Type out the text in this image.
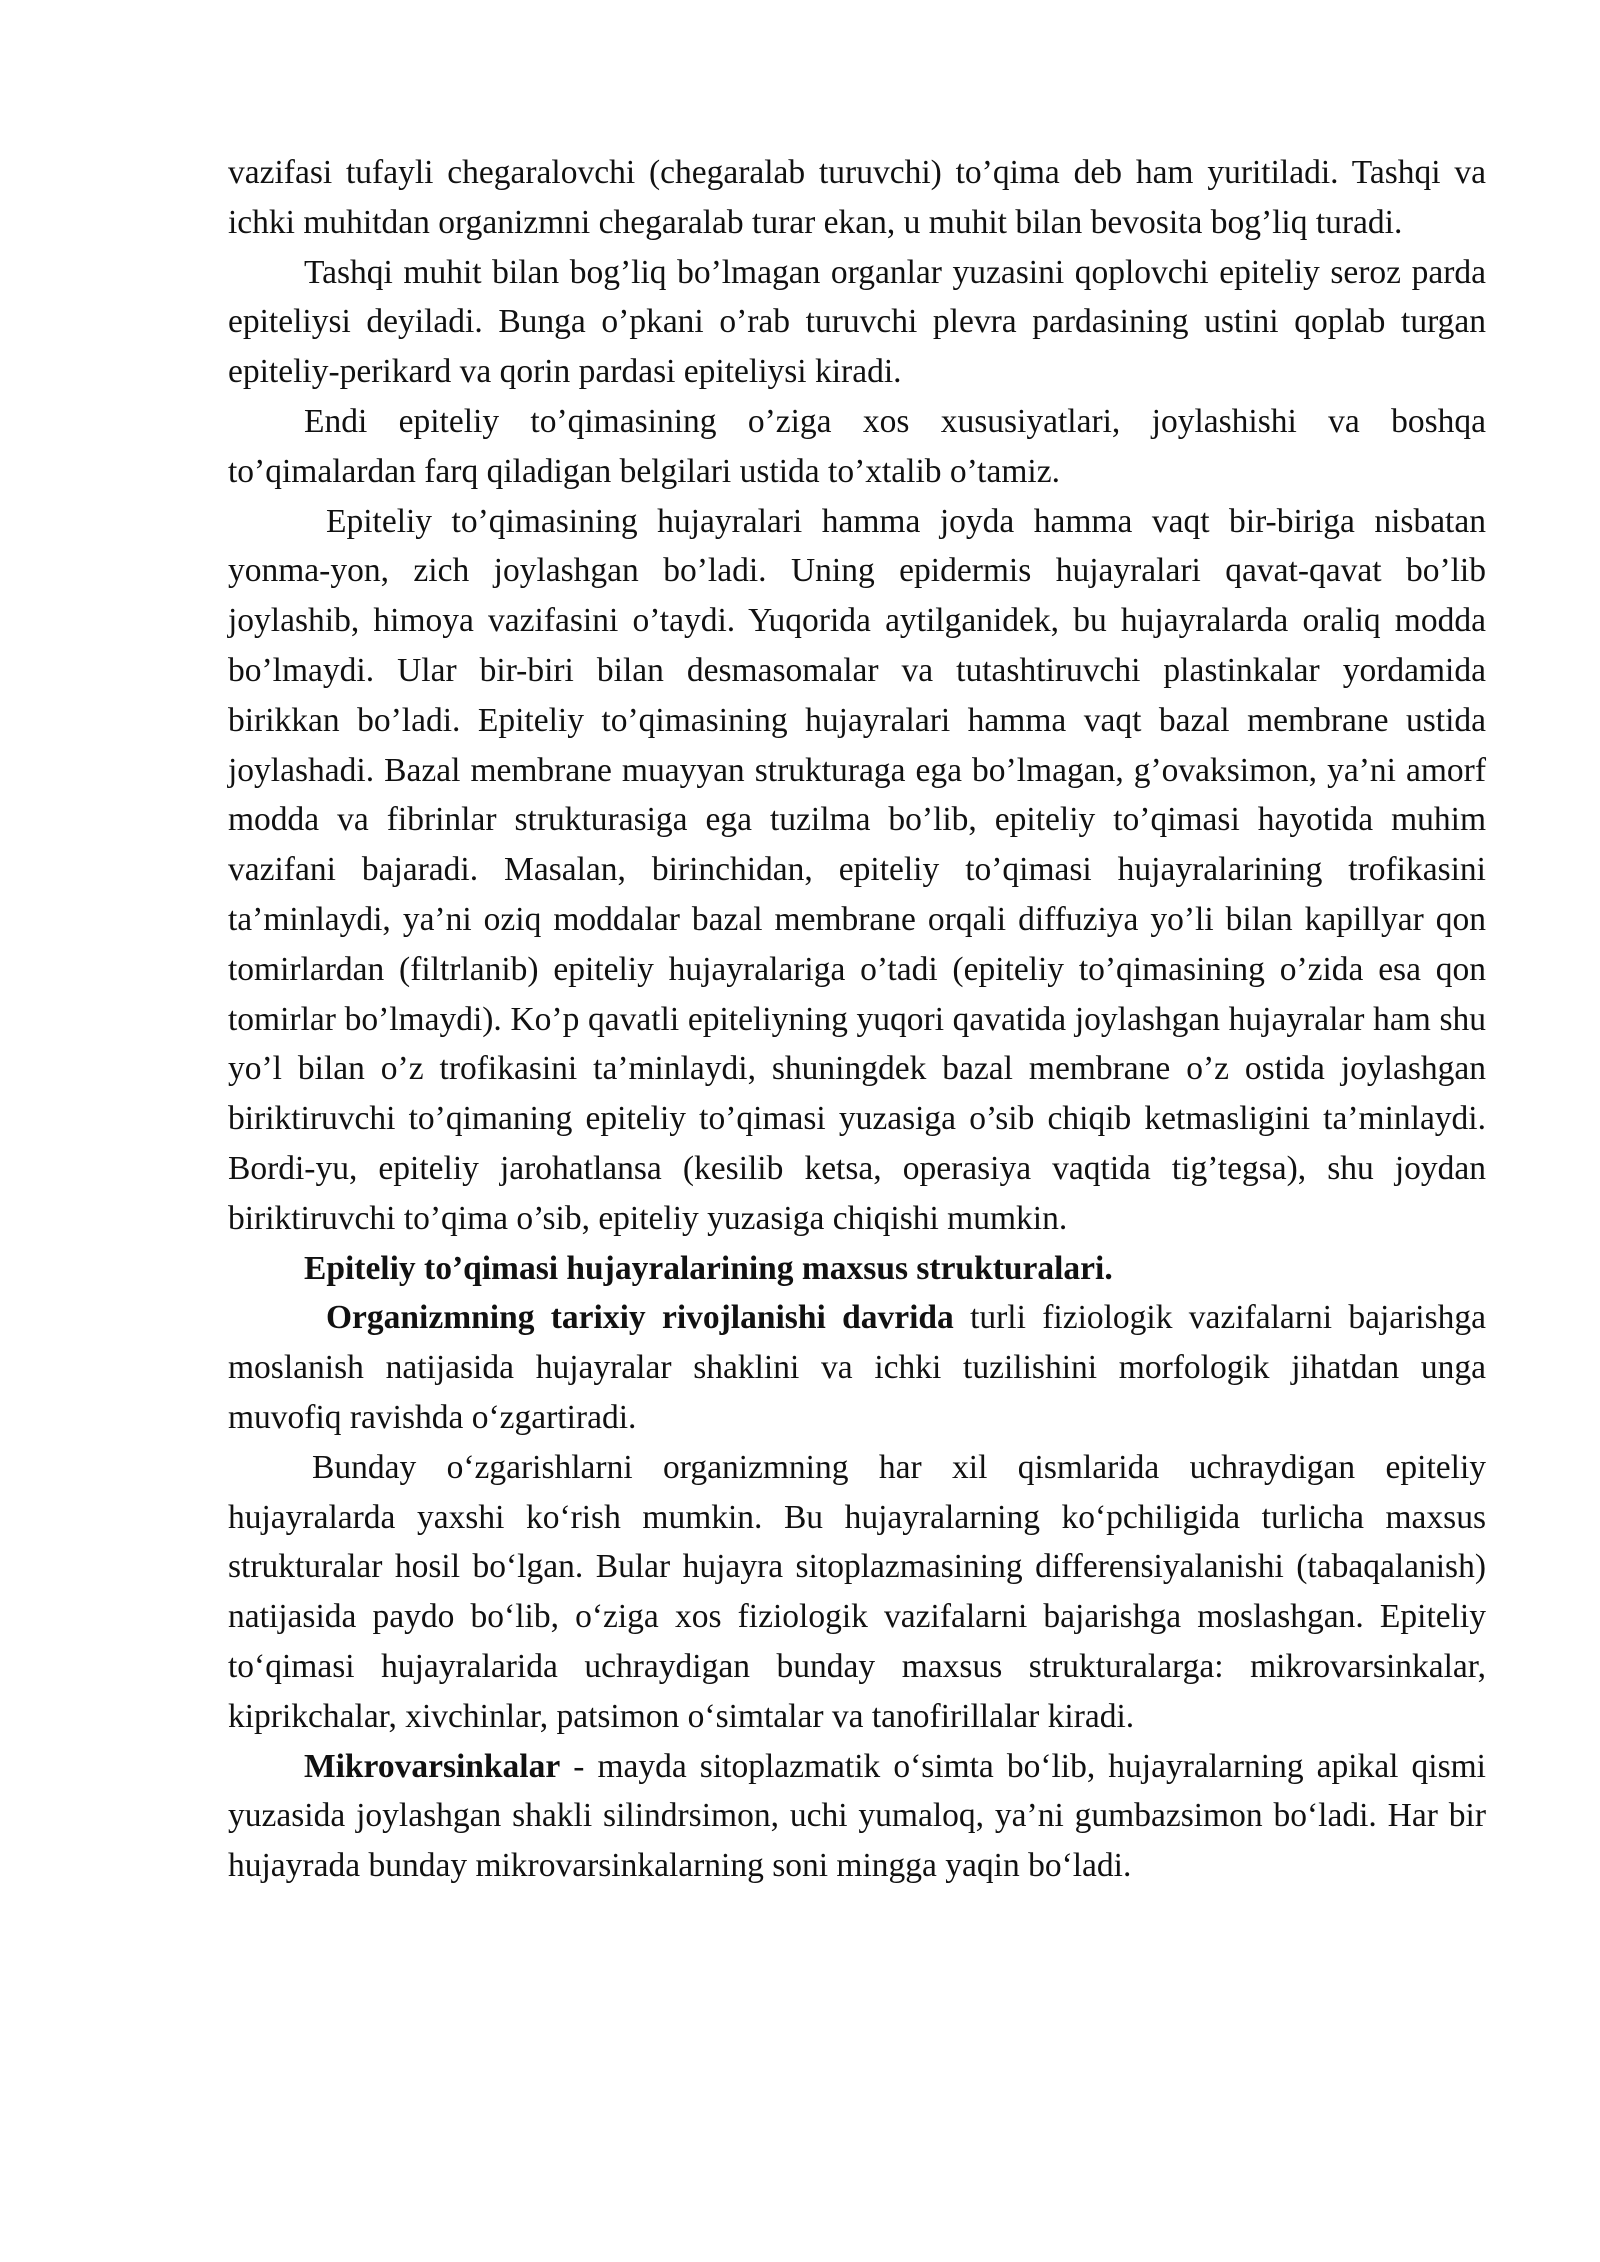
vazifasi tufayli chegaralovchi (chegaralab turuvchi) to’qima deb ham yuritiladi. Tashqi va ichki muhitdan organizmni chegaralab turar ekan, u muhit bilan bevosita bog’liq turadi.

Tashqi muhit bilan bog’liq bo’lmagan organlar yuzasini qoplovchi epiteliy seroz parda epiteliysi deyiladi. Bunga o’pkani o’rab turuvchi plevra pardasining ustini qoplab turgan epiteliy-perikard va qorin pardasi epiteliysi kiradi.

Endi epiteliy to’qimasining o’ziga xos xususiyatlari, joylashishi va boshqa to’qimalardan farq qiladigan belgilari ustida to’xtalib o’tamiz.

Epiteliy to’qimasining hujayralari hamma joyda hamma vaqt bir-biriga nisbatan yonma-yon, zich joylashgan bo’ladi. Uning epidermis hujayralari qavat-qavat bo’lib joylashib, himoya vazifasini o’taydi. Yuqorida aytilganidek, bu hujayralarda oraliq modda bo’lmaydi. Ular bir-biri bilan desmasomalar va tutashtiruvchi plastinkalar yordamida birikkan bo’ladi. Epiteliy to’qimasining hujayralari hamma vaqt bazal membrane ustida joylashadi. Bazal membrane muayyan strukturaga ega bo’lmagan, g’ovaksimon, ya’ni amorf modda va fibrinlar strukturasiga ega tuzilma bo’lib, epiteliy to’qimasi hayotida muhim vazifani bajaradi. Masalan, birinchidan, epiteliy to’qimasi hujayralarining trofikasini ta’minlaydi, ya’ni oziq moddalar bazal membrane orqali diffuziya yo’li bilan kapillyar qon tomirlardan (filtrlanib) epiteliy hujayralariga o’tadi (epiteliy to’qimasining o’zida esa qon tomirlar bo’lmaydi). Ko’p qavatli epiteliyning yuqori qavatida joylashgan hujayralar ham shu yo’l bilan o’z trofikasini ta’minlaydi, shuningdek bazal membrane o’z ostida joylashgan biriktiruvchi to’qimaning epiteliy to’qimasi yuzasiga o’sib chiqib ketmasligini ta’minlaydi. Bordi-yu, epiteliy jarohatlansa (kesilib ketsa, operasiya vaqtida tig’tegsa), shu joydan biriktiruvchi to’qima o’sib, epiteliy yuzasiga chiqishi mumkin.

Epiteliy to’qimasi hujayralarining maxsus strukturalari.

Organizmning tarixiy rivojlanishi davrida turli fiziologik vazifalarni bajarishga moslanish natijasida hujayralar shaklini va ichki tuzilishini morfologik jihatdan unga muvofiq ravishda o‘zgartiradi.

Bunday o‘zgarishlarni organizmning har xil qismlarida uchraydigan epiteliy hujayralarda yaxshi ko‘rish mumkin. Bu hujayralarning ko‘pchiligida turlicha maxsus strukturalar hosil bo‘lgan. Bular hujayra sitoplazmasining differensiyalanishi (tabaqalanish) natijasida paydo bo‘lib, o‘ziga xos fiziologik vazifalarni bajarishga moslashgan. Epiteliy to‘qimasi hujayralarida uchraydigan bunday maxsus strukturalarga: mikrovarsinkalar, kiprikchalar, xivchinlar, patsimon o‘simtalar va tanofirillalar kiradi.

Mikrovarsinkalar - mayda sitoplazmatik o‘simta bo‘lib, hujayralarning apikal qismi yuzasida joylashgan shakli silindrsimon, uchi yumaloq, ya’ni gumbazsimon bo‘ladi. Har bir hujayrada bunday mikrovarsinkalarning soni mingga yaqin bo‘ladi.
